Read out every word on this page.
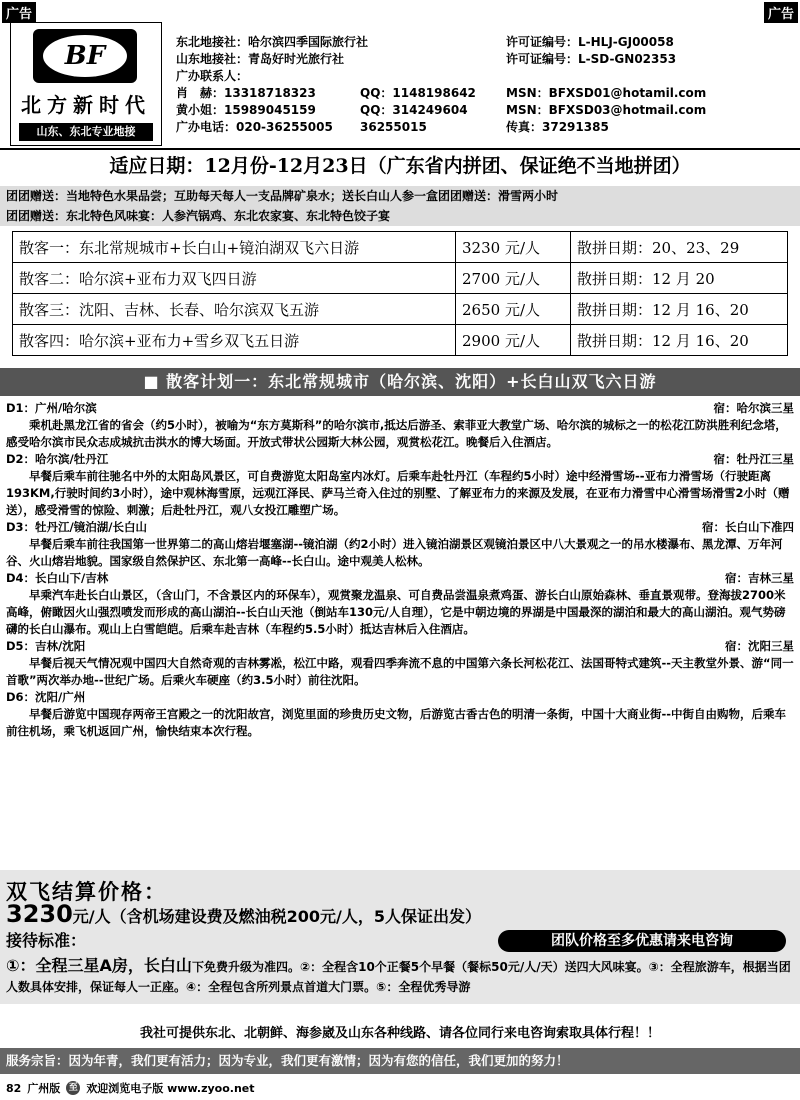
广告	广告
BF
北方新时代
山东、东北专业地接
东北地接社：哈尔滨四季国际旅行社	许可证编号：L-HLJ-GJ00058
山东地接社：青岛好时光旅行社	许可证编号：L-SD-GN02353
广办联系人：
肖　赫：13318718323	QQ：1148198642	MSN：BFXSD01@hotamil.com
黄小姐：15989045159	QQ：314249604	MSN：BFXSD03@hotmail.com
广办电话：020-36255005 36255015	传真：37291385
适应日期：12月份-12月23日（广东省内拼团、保证绝不当地拼团）
团团赠送：当地特色水果品尝；互助每天每人一支品牌矿泉水；送长白山人参一盒团团赠送：滑雪两小时
团团赠送：东北特色风味宴：人参汽锅鸡、东北农家宴、东北特色饺子宴
散客一：东北常规城市+长白山+镜泊湖双飞六日游	3230 元/人	散拼日期：20、23、29
散客二：哈尔滨+亚布力双飞四日游	2700 元/人	散拼日期：12 月 20
散客三：沈阳、吉林、长春、哈尔滨双飞五游	2650 元/人	散拼日期：12 月 16、20
散客四：哈尔滨+亚布力+雪乡双飞五日游	2900 元/人	散拼日期：12 月 16、20
■ 散客计划一：东北常规城市（哈尔滨、沈阳）+长白山双飞六日游
D1：广州/哈尔滨	宿：哈尔滨三星
乘机赴黑龙江省的省会（约5小时），被喻为“东方莫斯科”的哈尔滨市,抵达后游圣、索菲亚大教堂广场、哈尔滨的城标之一的松花江防洪胜利纪念塔，感受哈尔滨市民众志成城抗击洪水的博大场面。开放式带状公园斯大林公园，观赏松花江。晚餐后入住酒店。
D2：哈尔滨/牡丹江	宿：牡丹江三星
早餐后乘车前往驰名中外的太阳岛风景区，可自费游览太阳岛室内冰灯。后乘车赴牡丹江（车程约5小时）途中经滑雪场--亚布力滑雪场（行驶距离193KM,行驶时间约3小时），途中观林海雪原，远观江泽民、萨马兰奇入住过的别墅、了解亚布力的来源及发展，在亚布力滑雪中心滑雪场滑雪2小时（赠送），感受滑雪的惊险、刺激；后赴牡丹江，观八女投江雕塑广场。
D3：牡丹江/镜泊湖/长白山	宿：长白山下准四
早餐后乘车前往我国第一世界第二的高山熔岩堰塞湖--镜泊湖（约2小时）进入镜泊湖景区观镜泊景区中八大景观之一的吊水楼瀑布、黑龙潭、万年河谷、火山熔岩地貌。国家级自然保护区、东北第一高峰--长白山。途中观美人松林。
D4：长白山下/吉林	宿：吉林三星
早乘汽车赴长白山景区，（含山门，不含景区内的环保车），观赏聚龙温泉、可自费品尝温泉煮鸡蛋、游长白山原始森林、垂直景观带。登海拔2700米高峰，俯瞰因火山强烈喷发而形成的高山湖泊--长白山天池（倒站车130元/人自理），它是中朝边境的界湖是中国最深的湖泊和最大的高山湖泊。观气势磅礴的长白山瀑布。观山上白雪皑皑。后乘车赴吉林（车程约5.5小时）抵达吉林后入住酒店。
D5：吉林/沈阳	宿：沈阳三星
早餐后视天气情况观中国四大自然奇观的吉林雾凇，松江中路，观看四季奔流不息的中国第六条长河松花江、法国哥特式建筑--天主教堂外景、游“同一首歌”两次举办地--世纪广场。后乘火车硬座（约3.5小时）前往沈阳。
D6：沈阳/广州
早餐后游览中国现存两帝王宫殿之一的沈阳故宫，浏览里面的珍贵历史文物，后游览古香古色的明清一条街，中国十大商业街--中街自由购物，后乘车前往机场，乘飞机返回广州，愉快结束本次行程。
双飞结算价格：
3230元/人（含机场建设费及燃油税200元/人，5人保证出发）
接待标准：	团队价格至多优惠请来电咨询
①：全程三星A房，长白山下免费升级为准四。②：全程含10个正餐5个早餐（餐标50元/人/天）送四大风味宴。③：全程旅游车，根据当团人数具体安排，保证每人一正座。④：全程包含所列景点首道大门票。⑤：全程优秀导游
我社可提供东北、北朝鲜、海参崴及山东各种线路、请各位同行来电咨询索取具体行程！！
服务宗旨：因为年青，我们更有活力；因为专业，我们更有激情；因为有您的信任，我们更加的努力！
82 广州版 至 欢迎浏览电子版 www.zyoo.net
